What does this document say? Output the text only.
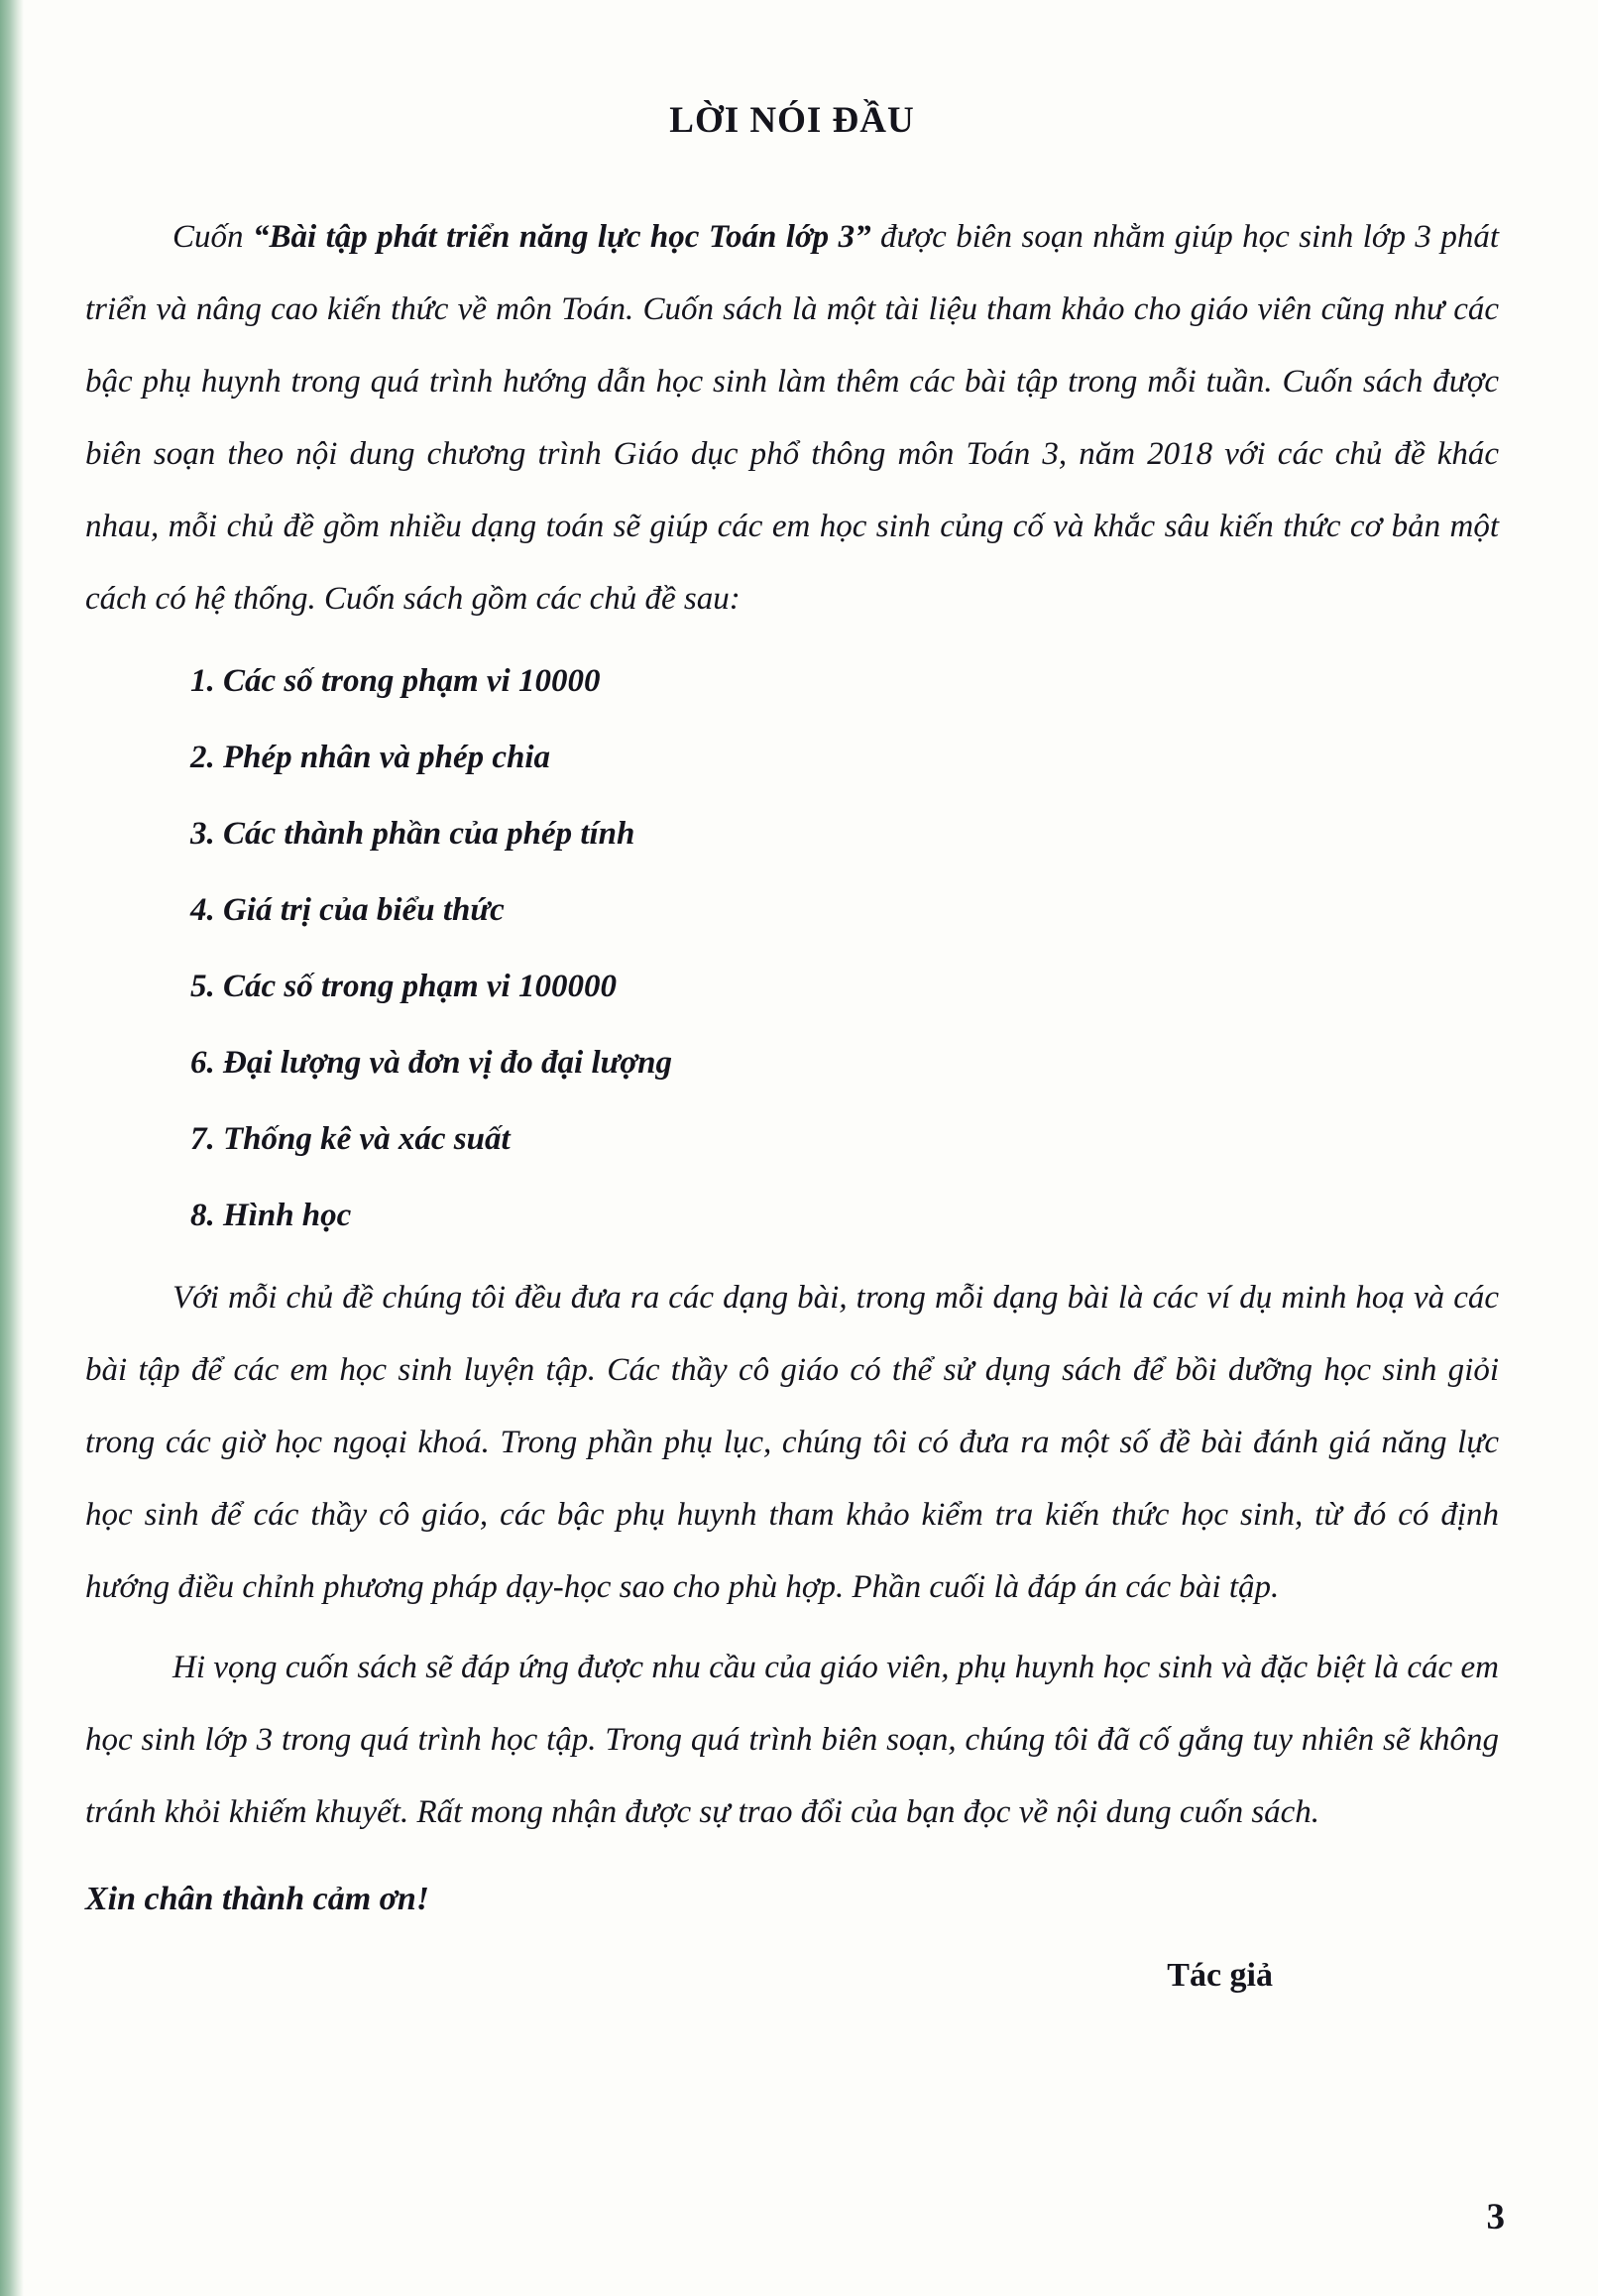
LỜI NÓI ĐẦU

Cuốn “Bài tập phát triển năng lực học Toán lớp 3” được biên soạn nhằm giúp học sinh lớp 3 phát triển và nâng cao kiến thức về môn Toán. Cuốn sách là một tài liệu tham khảo cho giáo viên cũng như các bậc phụ huynh trong quá trình hướng dẫn học sinh làm thêm các bài tập trong mỗi tuần. Cuốn sách được biên soạn theo nội dung chương trình Giáo dục phổ thông môn Toán 3, năm 2018 với các chủ đề khác nhau, mỗi chủ đề gồm nhiều dạng toán sẽ giúp các em học sinh củng cố và khắc sâu kiến thức cơ bản một cách có hệ thống. Cuốn sách gồm các chủ đề sau:

1. Các số trong phạm vi 10000
2. Phép nhân và phép chia
3. Các thành phần của phép tính
4. Giá trị của biểu thức
5. Các số trong phạm vi 100000
6. Đại lượng và đơn vị đo đại lượng
7. Thống kê và xác suất
8. Hình học

Với mỗi chủ đề chúng tôi đều đưa ra các dạng bài, trong mỗi dạng bài là các ví dụ minh hoạ và các bài tập để các em học sinh luyện tập. Các thầy cô giáo có thể sử dụng sách để bồi dưỡng học sinh giỏi trong các giờ học ngoại khoá. Trong phần phụ lục, chúng tôi có đưa ra một số đề bài đánh giá năng lực học sinh để các thầy cô giáo, các bậc phụ huynh tham khảo kiểm tra kiến thức học sinh, từ đó có định hướng điều chỉnh phương pháp dạy-học sao cho phù hợp. Phần cuối là đáp án các bài tập.

Hi vọng cuốn sách sẽ đáp ứng được nhu cầu của giáo viên, phụ huynh học sinh và đặc biệt là các em học sinh lớp 3 trong quá trình học tập. Trong quá trình biên soạn, chúng tôi đã cố gắng tuy nhiên sẽ không tránh khỏi khiếm khuyết. Rất mong nhận được sự trao đổi của bạn đọc về nội dung cuốn sách.

Xin chân thành cảm ơn!

Tác giả

3
